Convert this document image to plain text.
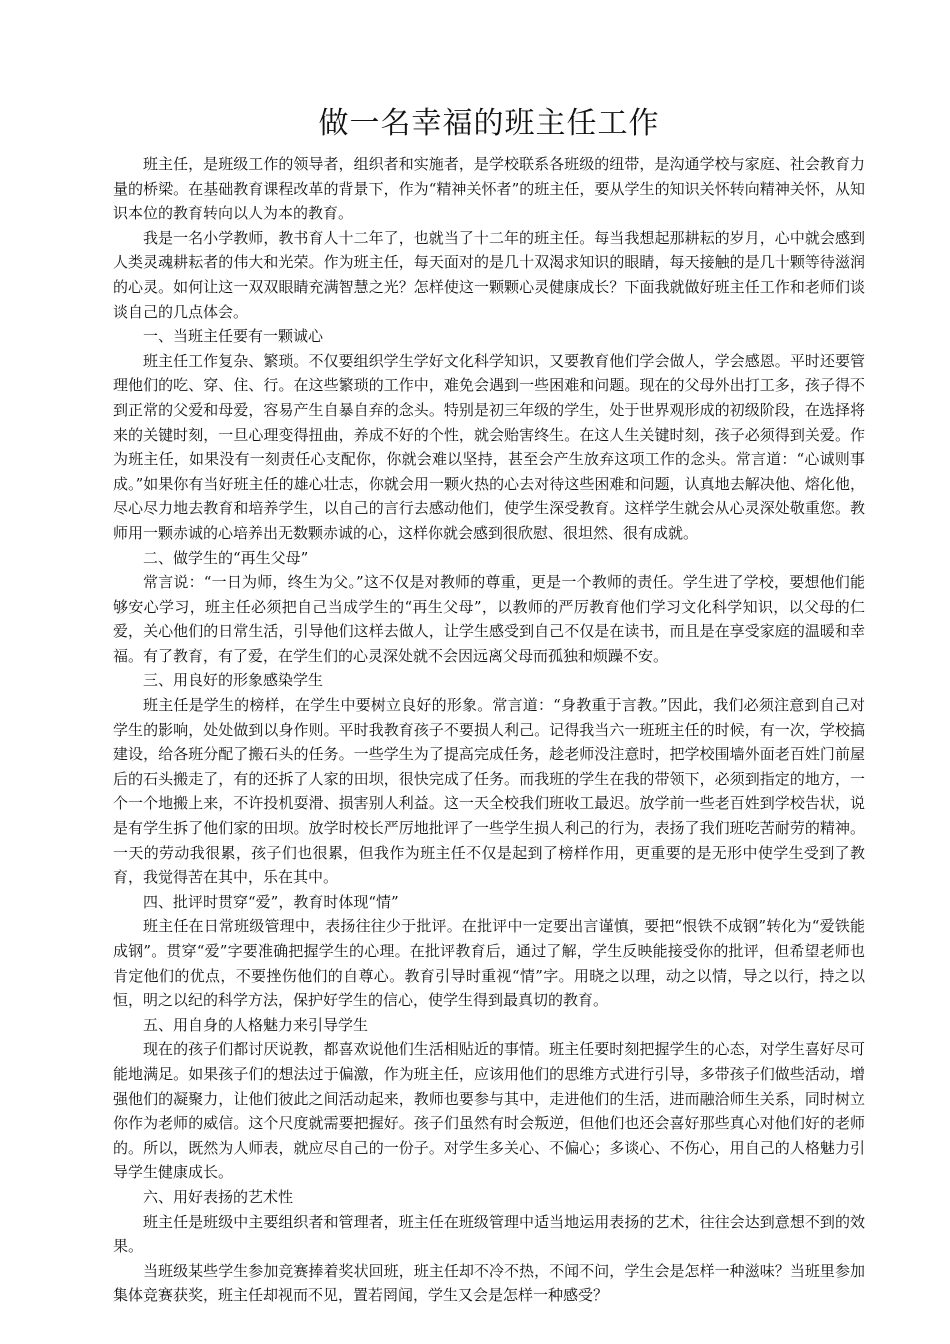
做一名幸福的班主任工作

班主任，是班级工作的领导者，组织者和实施者，是学校联系各班级的纽带，是沟通学校与家庭、社会教育力量的桥梁。在基础教育课程改革的背景下，作为“精神关怀者”的班主任，要从学生的知识关怀转向精神关怀，从知识本位的教育转向以人为本的教育。

我是一名小学教师，教书育人十二年了，也就当了十二年的班主任。每当我想起那耕耘的岁月，心中就会感到人类灵魂耕耘者的伟大和光荣。作为班主任，每天面对的是几十双渴求知识的眼睛，每天接触的是几十颗等待滋润的心灵。如何让这一双双眼睛充满智慧之光？怎样使这一颗颗心灵健康成长？下面我就做好班主任工作和老师们谈谈自己的几点体会。

一、当班主任要有一颗诚心

班主任工作复杂、繁琐。不仅要组织学生学好文化科学知识，又要教育他们学会做人，学会感恩。平时还要管理他们的吃、穿、住、行。在这些繁琐的工作中，难免会遇到一些困难和问题。现在的父母外出打工多，孩子得不到正常的父爱和母爱，容易产生自暴自弃的念头。特别是初三年级的学生，处于世界观形成的初级阶段，在选择将来的关键时刻，一旦心理变得扭曲，养成不好的个性，就会贻害终生。在这人生关键时刻，孩子必须得到关爱。作为班主任，如果没有一刻责任心支配你，你就会难以坚持，甚至会产生放弃这项工作的念头。常言道：“心诚则事成。”如果你有当好班主任的雄心壮志，你就会用一颗火热的心去对待这些困难和问题，认真地去解决他、熔化他，尽心尽力地去教育和培养学生，以自己的言行去感动他们，使学生深受教育。这样学生就会从心灵深处敬重您。教师用一颗赤诚的心培养出无数颗赤诚的心，这样你就会感到很欣慰、很坦然、很有成就。

二、做学生的“再生父母”

常言说：“一日为师，终生为父。”这不仅是对教师的尊重，更是一个教师的责任。学生进了学校，要想他们能够安心学习，班主任必须把自己当成学生的“再生父母”，以教师的严厉教育他们学习文化科学知识，以父母的仁爱，关心他们的日常生活，引导他们这样去做人，让学生感受到自己不仅是在读书，而且是在享受家庭的温暖和幸福。有了教育，有了爱，在学生们的心灵深处就不会因远离父母而孤独和烦躁不安。

三、用良好的形象感染学生

班主任是学生的榜样，在学生中要树立良好的形象。常言道：“身教重于言教。”因此，我们必须注意到自己对学生的影响，处处做到以身作则。平时我教育孩子不要损人利己。记得我当六一班班主任的时候，有一次，学校搞建设，给各班分配了搬石头的任务。一些学生为了提高完成任务，趁老师没注意时，把学校围墙外面老百姓门前屋后的石头搬走了，有的还拆了人家的田坝，很快完成了任务。而我班的学生在我的带领下，必须到指定的地方，一个一个地搬上来，不许投机耍滑、损害别人利益。这一天全校我们班收工最迟。放学前一些老百姓到学校告状，说是有学生拆了他们家的田坝。放学时校长严厉地批评了一些学生损人利己的行为，表扬了我们班吃苦耐劳的精神。一天的劳动我很累，孩子们也很累，但我作为班主任不仅是起到了榜样作用，更重要的是无形中使学生受到了教育，我觉得苦在其中，乐在其中。

四、批评时贯穿“爱”，教育时体现“情”

班主任在日常班级管理中，表扬往往少于批评。在批评中一定要出言谨慎，要把“恨铁不成钢”转化为“爱铁能成钢”。贯穿“爱”字要准确把握学生的心理。在批评教育后，通过了解，学生反映能接受你的批评，但希望老师也肯定他们的优点，不要挫伤他们的自尊心。教育引导时重视“情”字。用晓之以理，动之以情，导之以行，持之以恒，明之以纪的科学方法，保护好学生的信心，使学生得到最真切的教育。

五、用自身的人格魅力来引导学生

现在的孩子们都讨厌说教，都喜欢说他们生活相贴近的事情。班主任要时刻把握学生的心态，对学生喜好尽可能地满足。如果孩子们的想法过于偏激，作为班主任，应该用他们的思维方式进行引导，多带孩子们做些活动，增强他们的凝聚力，让他们彼此之间活动起来，教师也要参与其中，走进他们的生活，进而融洽师生关系，同时树立你作为老师的威信。这个尺度就需要把握好。孩子们虽然有时会叛逆，但他们也还会喜好那些真心对他们好的老师的。所以，既然为人师表，就应尽自己的一份子。对学生多关心、不偏心；多谈心、不伤心，用自己的人格魅力引导学生健康成长。

六、用好表扬的艺术性

班主任是班级中主要组织者和管理者，班主任在班级管理中适当地运用表扬的艺术，往往会达到意想不到的效果。

当班级某些学生参加竞赛捧着奖状回班，班主任却不冷不热，不闻不问，学生会是怎样一种滋味？当班里参加集体竞赛获奖，班主任却视而不见，置若罔闻，学生又会是怎样一种感受？
